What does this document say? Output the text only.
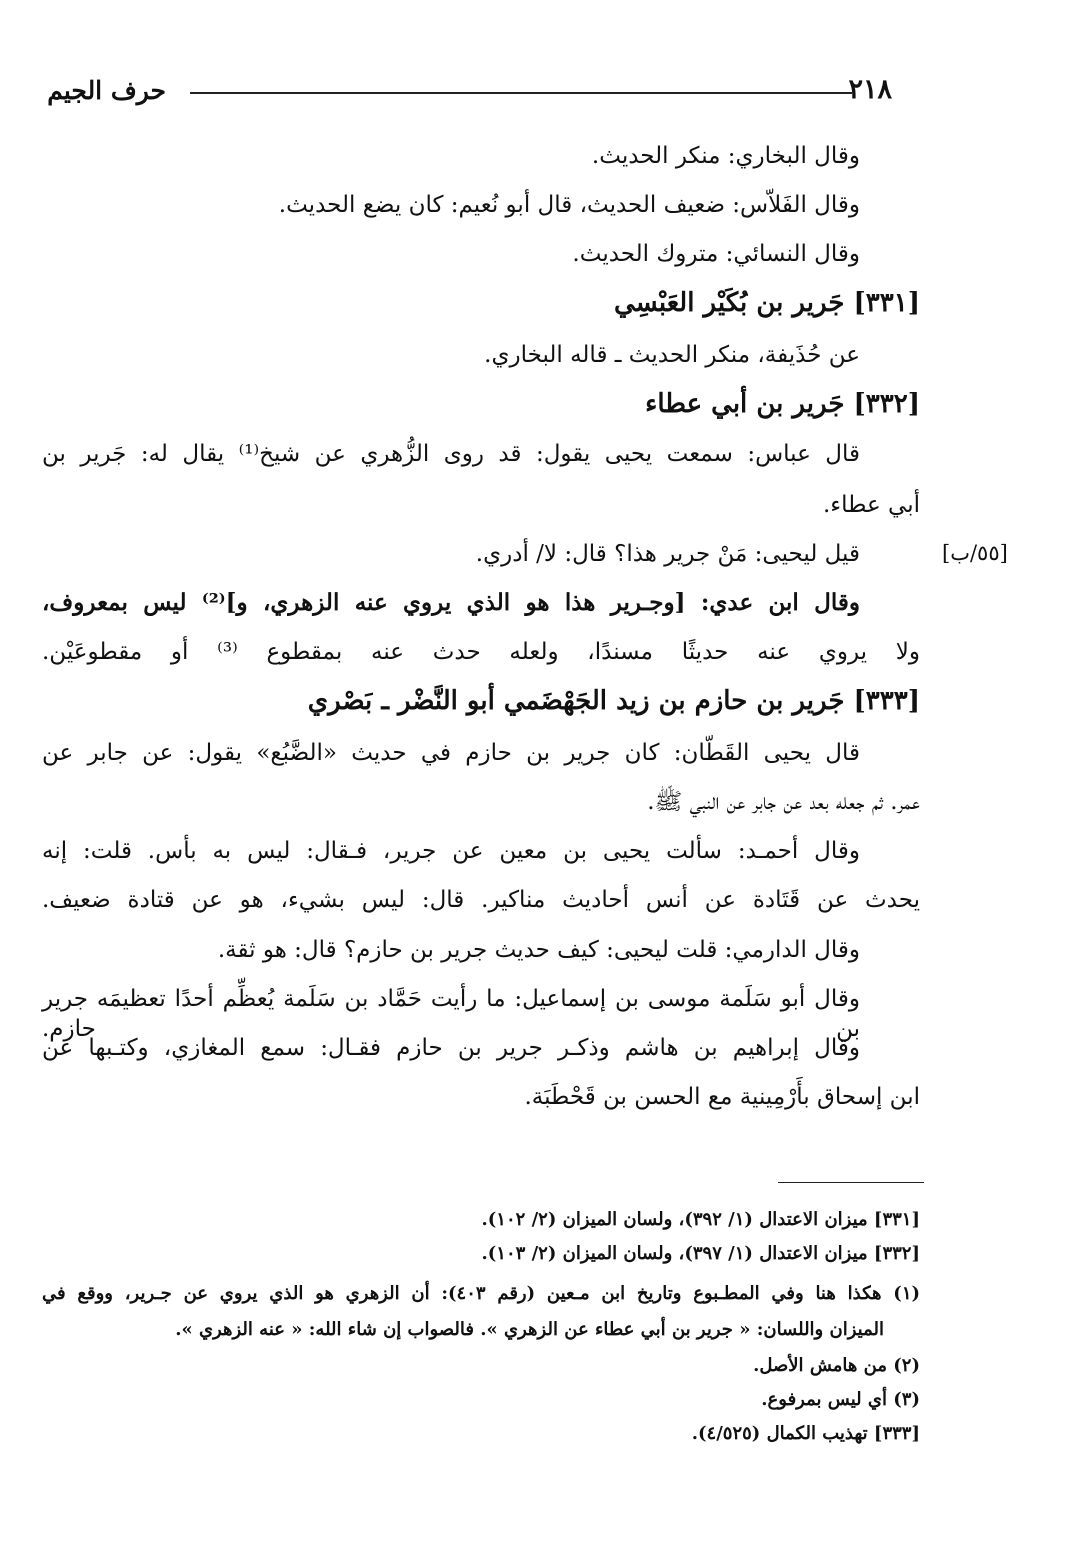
حرف الجيم	٢١٨
[٥٥/ب]
وقال البخاري: منكر الحديث.
وقال الفَلاّس: ضعيف الحديث، قال أبو نُعيم: كان يضع الحديث.
وقال النسائي: متروك الحديث.
[٣٣١] جَرير بن بُكَيْر العَبْسِي
عن حُذَيفة، منكر الحديث ـ قاله البخاري.
[٣٣٢] جَرير بن أبي عطاء
قال عباس: سمعت يحيى يقول: قد روى الزُّهري عن شيخ⁽¹⁾ يقال له: جَرير بن
أبي عطاء.
قيل ليحيى: مَنْ جرير هذا؟ قال: لا/ أدري.
وقال ابن عدي: [وجـرير هذا هو الذي يروي عنه الزهري، و]⁽²⁾ ليس بمعروف،
ولا يروي عنه حديثًا مسندًا، ولعله حدث عنه بمقطوع ⁽³⁾ أو مقطوعَيْن.
[٣٣٣] جَرير بن حازم بن زيد الجَهْضَمي أبو النَّضْر ـ بَصْري
قال يحيى القَطّان: كان جرير بن حازم في حديث «الضَّبُع» يقول: عن جابر عن
عمر. ثم جعله بعد عن جابر عن النبي ﷺ.
وقال أحمـد: سألت يحيى بن معين عن جرير، فـقال: ليس به بأس. قلت: إنه
يحدث عن قَتَادة عن أنس أحاديث مناكير. قال: ليس بشيء، هو عن قتادة ضعيف.
وقال الدارمي: قلت ليحيى: كيف حديث جرير بن حازم؟ قال: هو ثقة.
وقال أبو سَلَمة موسى بن إسماعيل: ما رأيت حَمَّاد بن سَلَمة يُعظِّم أحدًا تعظيمَه جرير بن حازم.
وقال إبراهيم بن هاشم وذكـر جرير بن حازم فقـال: سمع المغازي، وكتـبها عن
ابن إسحاق بأَرْمِينية مع الحسن بن قَحْطَبَة.
[٣٣١] ميزان الاعتدال (١/ ٣٩٢)، ولسان الميزان (٢/ ١٠٢).
[٣٣٢] ميزان الاعتدال (١/ ٣٩٧)، ولسان الميزان (٢/ ١٠٣).
(١) هكذا هنا وفي المطـبوع وتاريخ ابن مـعين (رقم ٤٠٣): أن الزهري هو الذي يروي عن جـرير، ووقع في
الميزان واللسان: « جرير بن أبي عطاء عن الزهري ». فالصواب إن شاء الله: « عنه الزهري ».
(٢) من هامش الأصل.
(٣) أي ليس بمرفوع.
[٣٣٣] تهذيب الكمال (٤/٥٢٥).
